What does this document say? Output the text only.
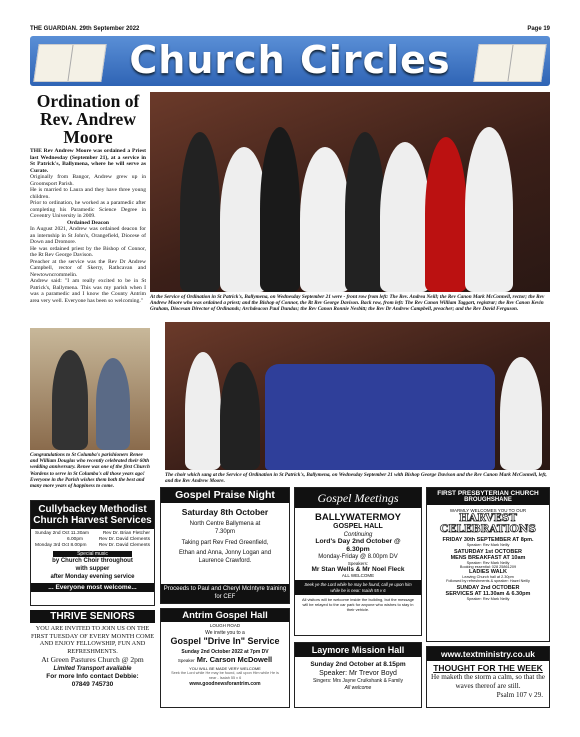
THE GUARDIAN. 29th September 2022	Page 19
Church Circles
Ordination of
Rev. Andrew
Moore

THE Rev Andrew Moore was ordained a Priest last Wednesday (September 21), at a service in St Patrick's, Ballymena, where he will serve as Curate.

Originally from Bangor, Andrew grew up in Groomsport Parish.

He is married to Laura and they have three young children.

Prior to ordination, he worked as a paramedic after completing his Paramedic Science Degree in Coventry University in 2009.

Ordained Deacon

In August 2021, Andrew was ordained deacon for an internship in St John's, Orangefield, Diocese of Down and Dromore.

He was ordained priest by the Bishop of Connor, the Rt Rev George Davison.

Preacher at the service was the Rev Dr Andrew Campbell, rector of Skerry, Rathcavan and Newtowncrommelin.

Andrew said: "I am really excited to be in St Patrick's, Ballymena. This was my parish when I was a paramedic and I know the County Antrim area very well. Everyone has been so welcoming."

At the Service of Ordination in St Patrick's, Ballymena, on Wednesday September 21 were - front row from left: The Rev. Andrea Neill; the Rev Canon Mark McConnell, rector; the Rev Andrew Moore who was ordained a priest; and the Bishop of Connor, the Rt Rev George Davison. Back row, from left: The Rev Canon William Taggart, registrar; the Rev Canon Kevin Graham, Diocesan Director of Ordinands; Archdeacon Paul Dundas; the Rev Canon Ronnie Nesbitt; the Rev Dr Andrew Campbell, preacher; and the Rev David Ferguson.
Congratulations to St Columba's parishioners Renee and William Douglas who recently celebrated their 60th wedding anniversary. Renee was one of the first Church Wardens to serve in St Columba's all those years ago! Everyone in the Parish wishes them both the best and many more years of happiness to come.
The choir which sang at the Service of Ordination in St Patrick's, Ballymena, on Wednesday September 21 with Bishop George Davison and the Rev Canon Mark McConnell, left, and the Rev Andrew Moore.
Cullybackey Methodist Church Harvest Services
Sunday 2nd Oct 11.30am	Rev Dr. Brian Fletcher
6.00pm	Rev Dr. David Clements
Monday 3rd Oct 8.00pm	Rev Dr. David Clements
Special music
by Church Choir throughout
with supper
after Monday evening service
... Everyone most welcome...
THRIVE SENIORS
YOU ARE INVITED TO JOIN US ON THE FIRST TUESDAY OF EVERY MONTH COME AND ENJOY FELLOWSHIP, FUN AND REFRESHMENTS.
At Green Pastures Church @ 2pm
Limited Transport available
For more Info contact Debbie:
07849 745730
Gospel Praise Night
Saturday 8th October
North Centre Ballymena at 7.30pm
Taking part Rev Fred Greenfield,
Ethan and Anna, Jonny Logan and Laurence Crawford.
Proceeds to Paul and Cheryl McIntyre training for CEF
Antrim Gospel Hall
LOUGH ROAD
We invite you to a
Gospel "Drive In" Service
Sunday 2nd October 2022 at 7pm DV
Speaker Mr. Carson McDowell
YOU WILL BE MADE VERY WELCOME
Seek the Lord while He may be found, call upon Him while He is near - Isaiah 55 v 6
www.goodnewsforantrim.com
Gospel Meetings
BALLYWATERMOY
GOSPEL HALL
Continuing
Lord's Day 2nd October @ 6.30pm
Monday-Friday @ 8.00pm DV
Speakers:
Mr Stan Wells & Mr Noel Fleck
ALL WELCOME
Seek ye the Lord while he may be found, call ye upon him while he is near: Isaiah 55 v 6
All visitors will be welcome inside the building, but the message will be relayed to the car park for anyone who wishes to stay in their vehicle.
Laymore Mission Hall
Sunday 2nd October at 8.15pm
Speaker: Mr Trevor Boyd
Singers: Mrs Jayne Cruikshank & Family
All welcome
FIRST PRESBYTERIAN CHURCH
BROUGHSHANE
WARMLY WELCOMES YOU TO OUR
HARVEST
CELEBRATIONS
FRIDAY 30th SEPTEMBER AT 8pm.
Speaker: Rev Mark Neilly
SATURDAY 1st OCTOBER
MENS BREAKFAST AT 10am
Speaker: Rev Mark Neilly
Booking essential: 028 25861209
LADIES WALK
Leaving Church hall at 2.30pm
Followed by refreshments & speaker: Hazel Neilly
SUNDAY 2nd OCTOBER
SERVICES AT 11.30am & 6.30pm
Speaker: Rev Mark Neilly
www.textministry.co.uk
THOUGHT FOR THE WEEK
He maketh the storm a calm, so that the waves thereof are still.
Psalm 107 v 29.
